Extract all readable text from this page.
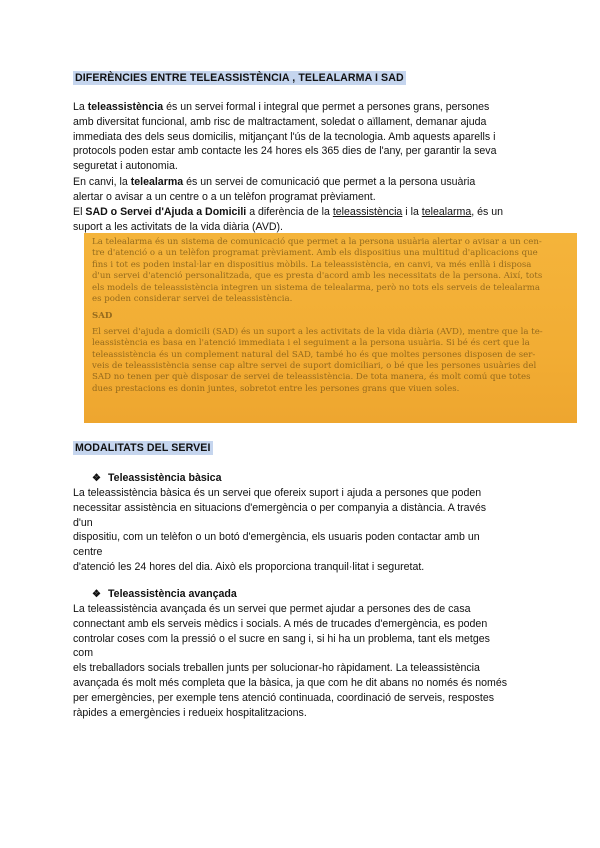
DIFERÈNCIES ENTRE TELEASSISTÈNCIA , TELEALARMA I SAD

La teleassistència és un servei formal i integral que permet a persones grans, persones

amb diversitat funcional, amb risc de maltractament, soledat o aïllament, demanar ajuda

immediata des dels seus domicilis, mitjançant l'ús de la tecnologia. Amb aquests aparells i

protocols poden estar amb contacte les 24 hores els 365 dies de l'any, per garantir la seva

seguretat i autonomia.

En canvi, la telealarma és un servei de comunicació que permet a la persona usuària

alertar o avisar a un centre o a un telèfon programat prèviament.

El SAD o Servei d'Ajuda a Domicili a diferència de la teleassistència i la telealarma, és un

suport a les activitats de la vida diària (AVD).

La telealarma és un sistema de comunicació que permet a la persona usuària alertar o avisar a un cen-

tre d'atenció o a un telèfon programat prèviament. Amb els dispositius una multitud d'aplicacions que

fins i tot es poden instal·lar en dispositius mòbils. La teleassistència, en canvi, va més enllà i disposa

d'un servei d'atenció personalitzada, que es presta d'acord amb les necessitats de la persona. Així, tots

els models de teleassistència integren un sistema de telealarma, però no tots els serveis de telealarma

es poden considerar servei de teleassistència.

SAD

El servei d'ajuda a domicili (SAD) és un suport a les activitats de la vida diària (AVD), mentre que la te-

leassistència es basa en l'atenció immediata i el seguiment a la persona usuària. Si bé és cert que la

teleassistència és un complement natural del SAD, també ho és que moltes persones disposen de ser-

veis de teleassistència sense cap altre servei de suport domiciliari, o bé que les persones usuàries del

SAD no tenen per què disposar de servei de teleassistència. De tota manera, és molt comú que totes

dues prestacions es donin juntes, sobretot entre les persones grans que viuen soles.

MODALITATS DEL SERVEI
❖ Teleassistència bàsica

La teleassistència bàsica és un servei que ofereix suport i ajuda a persones que poden

necessitar assistència en situacions d'emergència o per companyia a distància. A través

d'un

dispositiu, com un telèfon o un botó d'emergència, els usuaris poden contactar amb un

centre

d'atenció les 24 hores del dia. Això els proporciona tranquil·litat i seguretat.

❖ Teleassistència avançada

La teleassistència avançada és un servei que permet ajudar a persones des de casa

connectant amb els serveis mèdics i socials. A més de trucades d'emergència, es poden

controlar coses com la pressió o el sucre en sang i, si hi ha un problema, tant els metges

com

els treballadors socials treballen junts per solucionar-ho ràpidament. La teleassistència

avançada és molt més completa que la bàsica, ja que com he dit abans no només és només

per emergències, per exemple tens atenció continuada, coordinació de serveis, respostes

ràpides a emergències i redueix hospitalitzacions.
